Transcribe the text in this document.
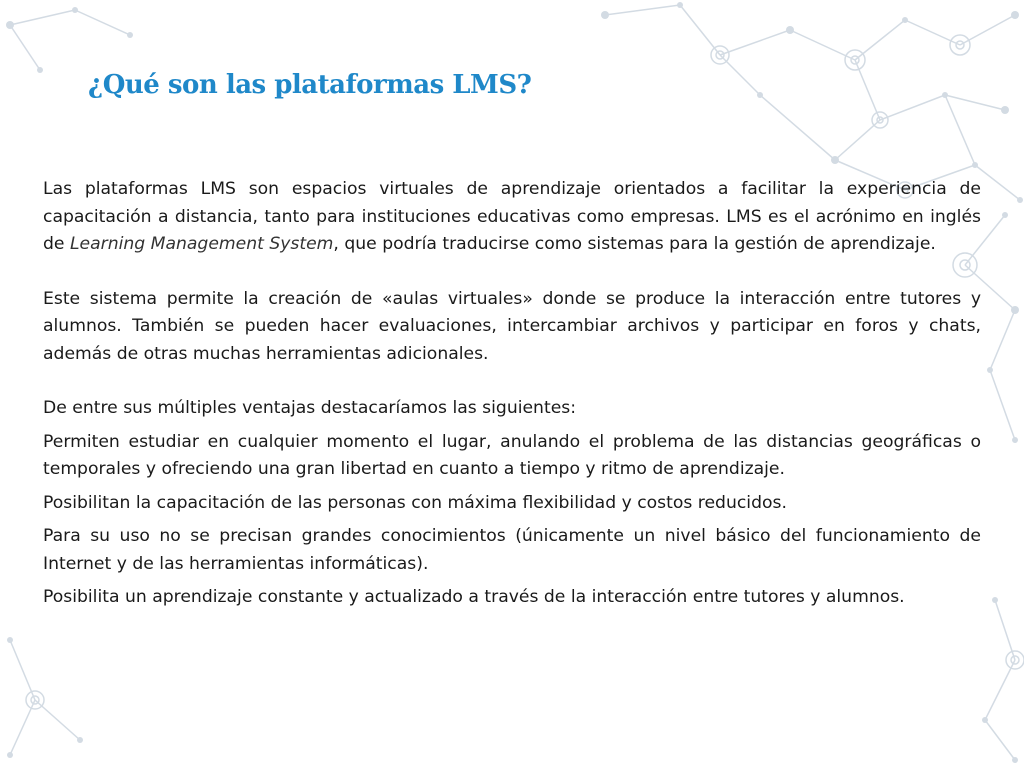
¿Qué son las plataformas LMS?

Las plataformas LMS son espacios virtuales de aprendizaje orientados a facilitar la experiencia de capacitación a distancia, tanto para instituciones educativas como empresas. LMS es el acrónimo en inglés de Learning Management System, que podría traducirse como sistemas para la gestión de aprendizaje.

Este sistema permite la creación de «aulas virtuales» donde se produce la interacción entre tutores y alumnos. También se pueden hacer evaluaciones, intercambiar archivos y participar en foros y chats, además de otras muchas herramientas adicionales.

De entre sus múltiples ventajas destacaríamos las siguientes:

Permiten estudiar en cualquier momento el lugar, anulando el problema de las distancias geográficas o temporales y ofreciendo una gran libertad en cuanto a tiempo y ritmo de aprendizaje.

Posibilitan la capacitación de las personas con máxima flexibilidad y costos reducidos.

Para su uso no se precisan grandes conocimientos (únicamente un nivel básico del funcionamiento de Internet y de las herramientas informáticas).

Posibilita un aprendizaje constante y actualizado a través de la interacción entre tutores y alumnos.
